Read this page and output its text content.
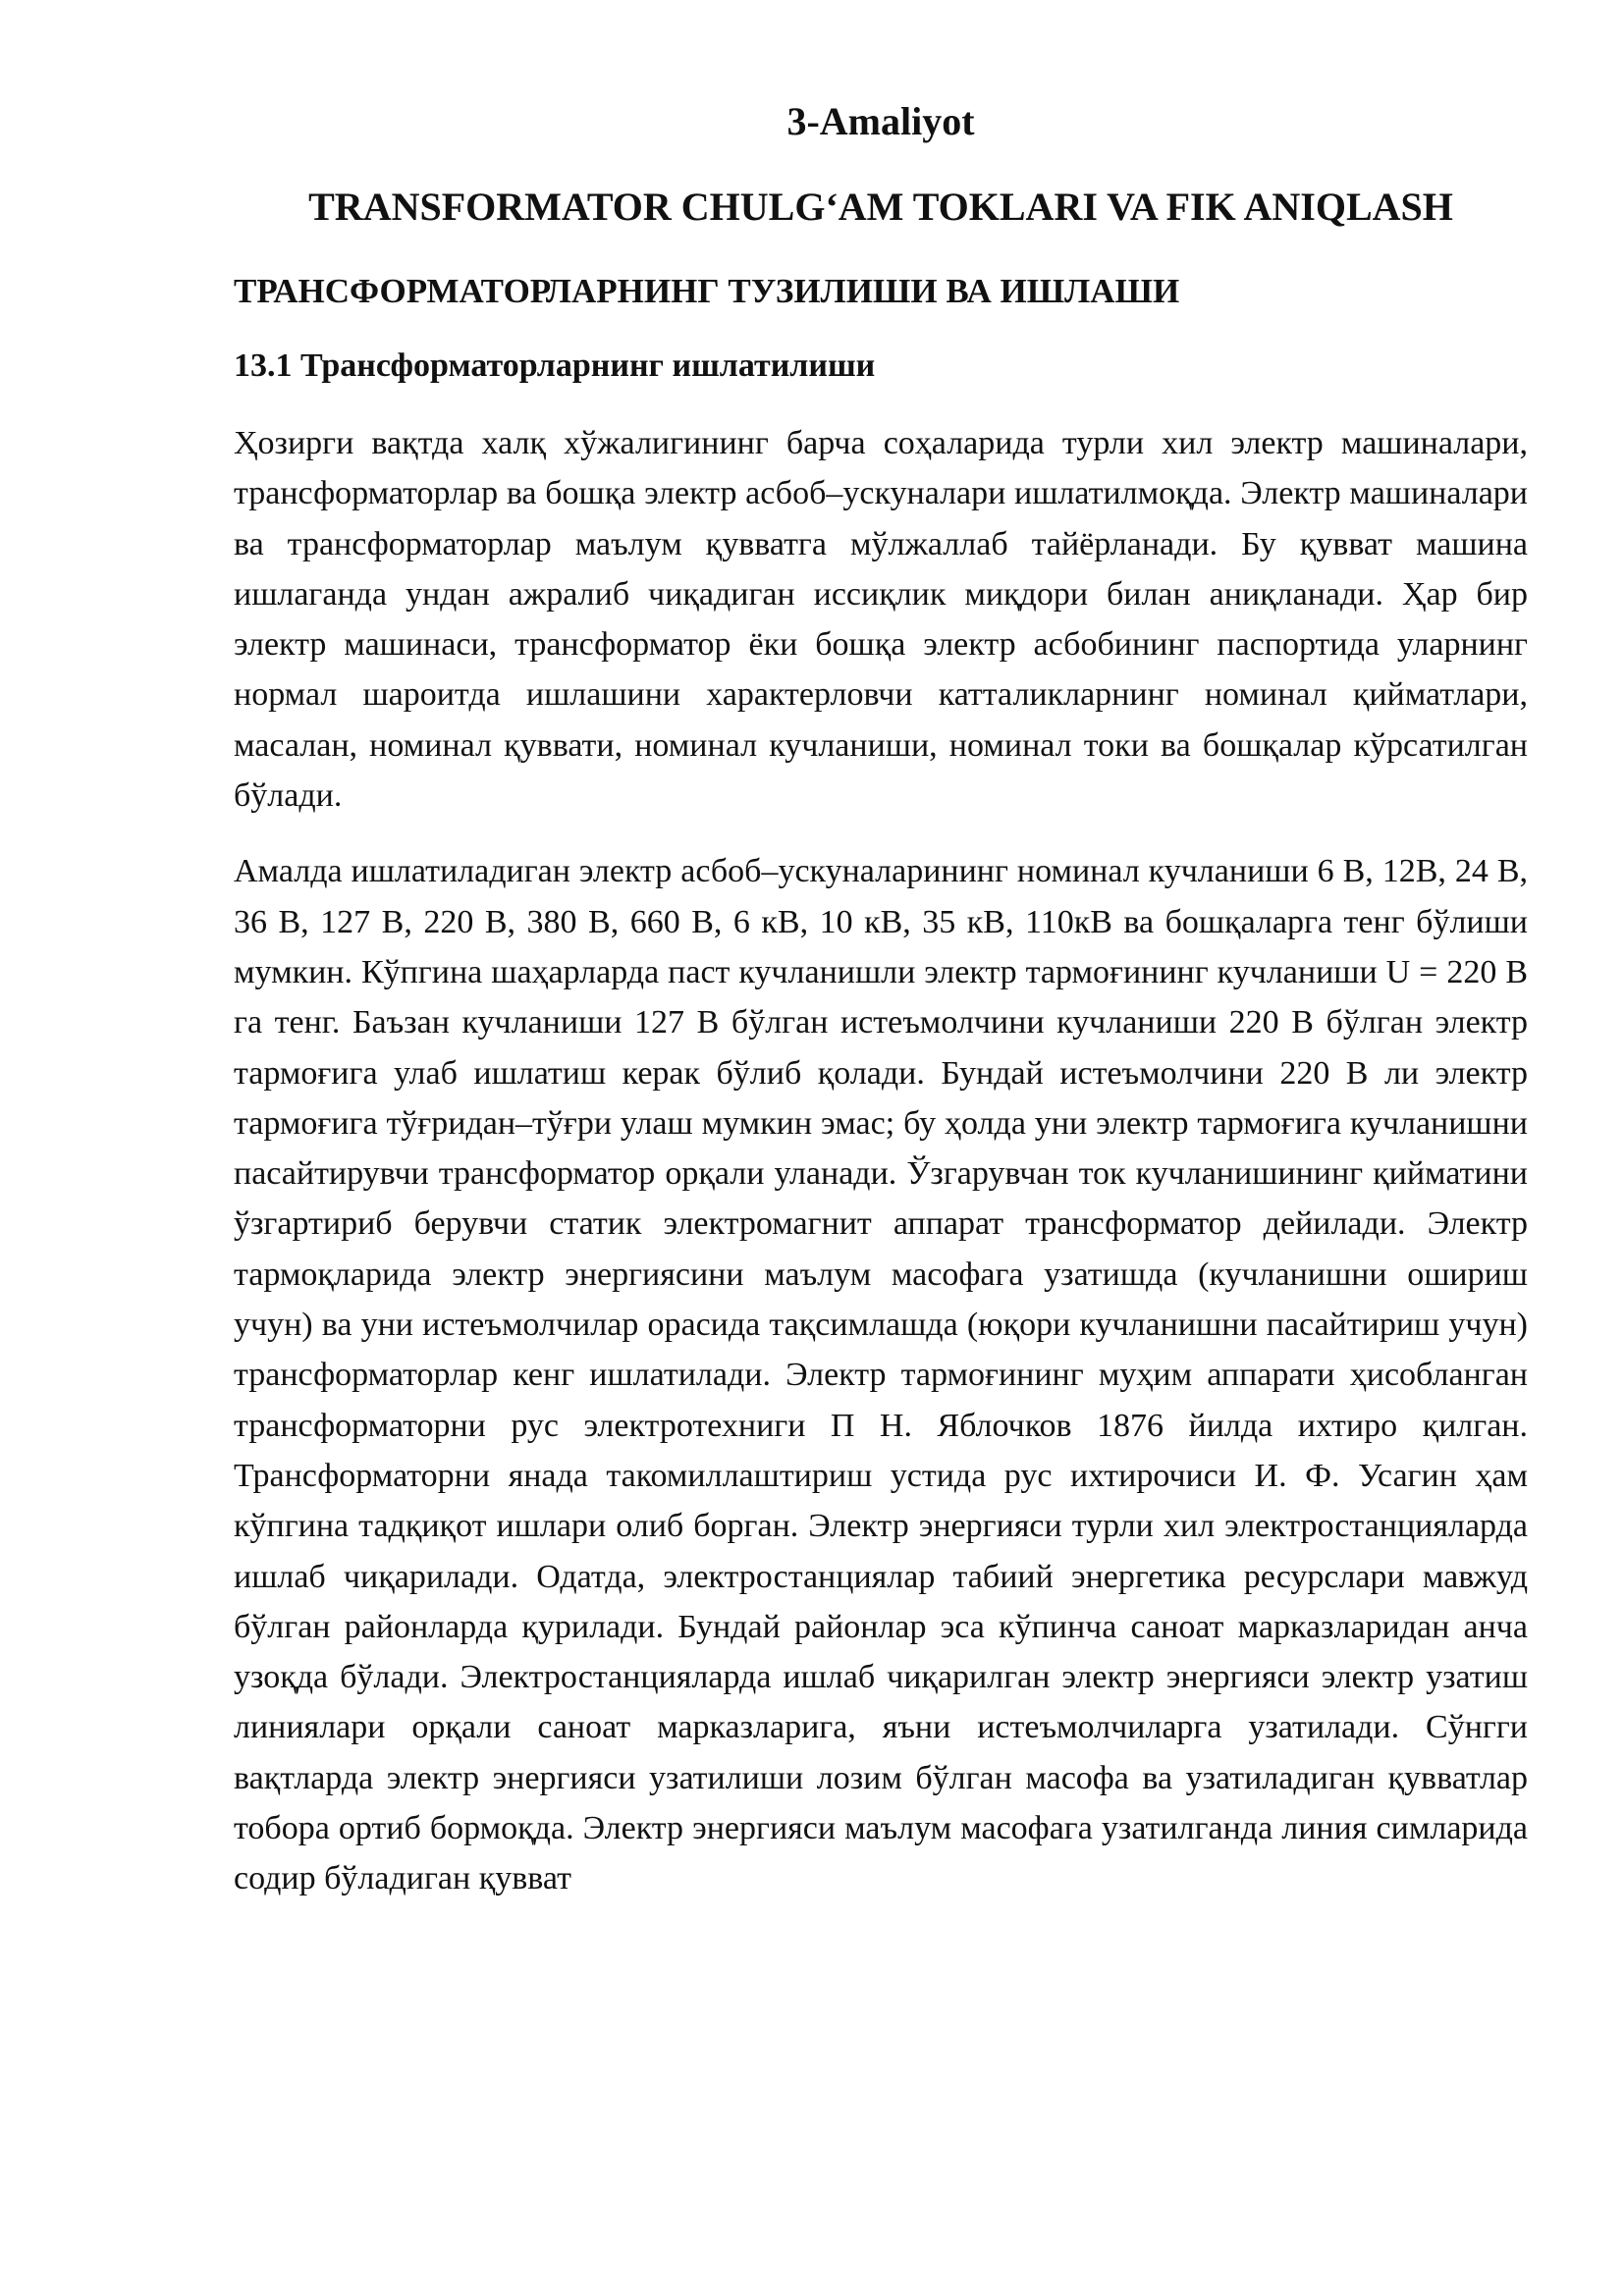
3-Amaliyot
TRANSFORMATOR CHULG‘AM TOKLARI VA FIK ANIQLASH
ТРАНСФОРМАТОРЛАРНИНГ ТУЗИЛИШИ ВА ИШЛАШИ
13.1 Трансформаторларнинг ишлатилиши

Ҳозирги вақтда халқ хўжалигининг барча соҳаларида турли хил электр машиналари, трансформаторлар ва бошқа электр асбоб–ускуналари ишлатилмоқда. Электр машиналари ва трансформаторлар маълум қувватга мўлжаллаб тайёрланади. Бу қувват машина ишлаганда ундан ажралиб чиқадиган иссиқлик миқдори билан аниқланади. Ҳар бир электр машинаси, трансформатор ёки бошқа электр асбобининг паспортида уларнинг нормал шароитда ишлашини характерловчи катталикларнинг номинал қийматлари, масалан, номинал қуввати, номинал кучланиши, номинал токи ва бошқалар кўрсатилган бўлади.

Амалда ишлатиладиган электр асбоб–ускуналарининг номинал кучланиши 6 В, 12В, 24 В, 36 В, 127 В, 220 В, 380 В, 660 В, 6 кВ, 10 кВ, 35 кВ, 110кВ ва бошқаларга тенг бўлиши мумкин. Кўпгина шаҳарларда паст кучланишли электр тармоғининг кучланиши U = 220 В га тенг. Баъзан кучланиши 127 В бўлган истеъмолчини кучланиши 220 В бўлган электр тармоғига улаб ишлатиш керак бўлиб қолади. Бундай истеъмолчини 220 В ли электр тармоғига тўғридан–тўғри улаш мумкин эмас; бу ҳолда уни электр тармоғига кучланишни пасайтирувчи трансформатор орқали уланади. Ўзгарувчан ток кучланишининг қийматини ўзгартириб берувчи статик электромагнит аппарат трансформатор дейилади. Электр тармоқларида электр энергиясини маълум масофага узатишда (кучланишни ошириш учун) ва уни истеъмолчилар орасида тақсимлашда (юқори кучланишни пасайтириш учун) трансформаторлар кенг ишлатилади. Электр тармоғининг муҳим аппарати ҳисобланган трансформаторни рус электротехниги П Н. Яблочков 1876 йилда ихтиро қилган. Трансформаторни янада такомиллаштириш устида рус ихтирочиси И. Ф. Усагин ҳам кўпгина тадқиқот ишлари олиб борган. Электр энергияси турли хил электростанцияларда ишлаб чиқарилади. Одатда, электростанциялар табиий энергетика ресурслари мавжуд бўлган районларда қурилади. Бундай районлар эса кўпинча саноат марказларидан анча узоқда бўлади. Электростанцияларда ишлаб чиқарилган электр энергияси электр узатиш линиялари орқали саноат марказларига, яъни истеъмолчиларга узатилади. Сўнгги вақтларда электр энергияси узатилиши лозим бўлган масофа ва узатиладиган қувватлар тобора ортиб бормоқда. Электр энергияси маълум масофага узатилганда линия симларида содир бўладиган қувват
